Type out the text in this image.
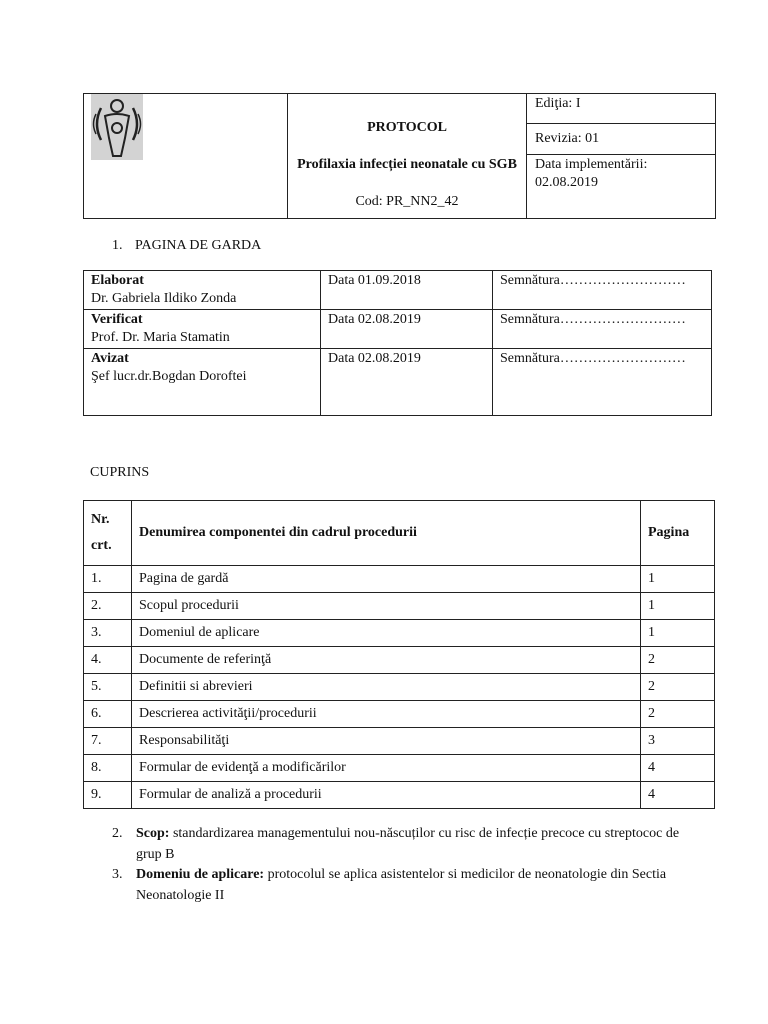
PROTOCOL
Profilaxia infecției neonatale cu SGB
Cod: PR_NN2_42
	Ediţia: I
Revizia: 01

Data implementării:
02.08.2019
1. PAGINA DE GARDA
Elaborat
Dr. Gabriela Ildiko Zonda	Data 01.09.2018	Semnătura………………………

Verificat
Prof. Dr. Maria Stamatin	Data 02.08.2019	Semnătura………………………

Avizat
Şef lucr.dr.Bogdan Doroftei	Data 02.08.2019	Semnătura………………………
CUPRINS
Nr.
crt.	Denumirea componentei din cadrul procedurii	Pagina
1.	Pagina de gardă	1
2.	Scopul procedurii	1
3.	Domeniul de aplicare	1
4.	Documente de referinţă	2
5.	Definitii si abrevieri	2
6.	Descrierea activităţii/procedurii	2
7.	Responsabilităţi	3
8.	Formular de evidenţă a modificărilor	4
9.	Formular de analiză a procedurii	4
2. Scop: standardizarea managementului nou-născuților cu risc de infecție precoce cu streptococ de grup B
3. Domeniu de aplicare: protocolul se aplica asistentelor si medicilor de neonatologie din Sectia Neonatologie II
